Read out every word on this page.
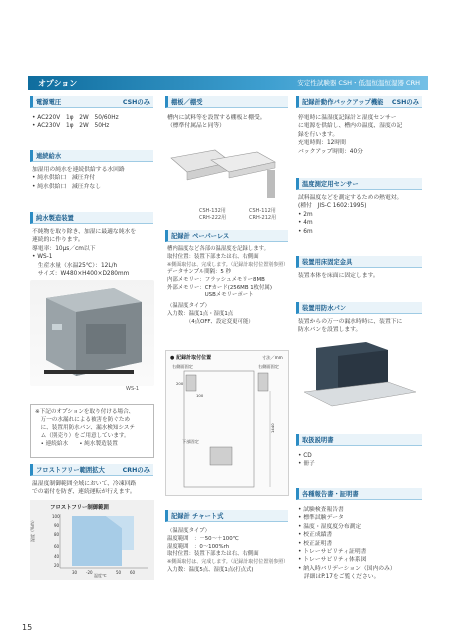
オプション	安定性試験器 CSH・低温恒温恒湿器 CRH
電源電圧	CSHのみ
• AC220V　1φ　2W　50/60Hz
• AC230V　1φ　2W　50Hz
連続給水
加湿用の純水を連続供給する水回路
• 純水供給口　減圧弁付
• 純水供給口　減圧弁なし
純水製造装置
不純物を取り除き、加湿に最適な純水を
連続的に作ります。
導電率：10μs／cm以下
• WS-1
　生産水量（水温25℃）：12L/h
　サイズ：W480×H400×D280mm
WS-1
※下記のオプションを取り付ける場合、
　万一の水漏れによる被害を防ぐため
　に、装置用防水パン、漏水検知システ
　ム（別売り）をご用意しています。
　• 連続給水　　• 純水製造装置
フロストフリー範囲拡大	CRHのみ
温湿度制御範囲全域において、冷凍回路
での霜付を防ぎ、連続運転が行えます。
フロストフリー制御範囲
湿度（%rh）
温度℃
100
90
80
60
40
20
30 -20	50 60
棚板／棚受
槽内に試料等を設置する棚板と棚受。
（標準付属品と同等）
CSH-132用
CRH-222用
CSH-112用
CRH-212用
記録計 ペーパーレス
槽内温度など各部の温湿度を記録します。
取付位置：装置下部または右、右側面
※側面取付は、完成します。（記録計取付位置別参照）
データサンプル間隔：5 秒
内部メモリー：フラッシュメモリー8MB
外部メモリー：CFカード(256MB 1枚付属)
　　　　　　　USBメモリーポート
（温湿度タイプ）
入力数：温度1点・湿度1点
　　　　（4点OFF、設定変更可能）
● 記録計取付位置	寸法／mm
右側面固定	右側面固定
下部固定
200
100
1440
記録計 チャート式
（温湿度タイプ）
温度範囲　：－50～＋100℃
湿度範囲　：0～100%rh
取付位置：装置下部または右、右側面
※側面取付は、完成します。（記録計取付位置別参照）
入力数：温度5点、湿度1点(打点式)
記録計動作バックアップ機能 CSHのみ
停電時に温湿度記録計と湿度センサー
に電源を供給し、槽内の温度、湿度の記
録を行います。
充電時間：12時間
バックアップ時間：40分
温度測定用センサー
試料温度などを測定するための熱電対。
(種付　JIS-C 1602:1995)
• 2m
• 4m
• 6m
装置用床固定金具
装置本体を床面に固定します。
装置用防水パン
装置からの万一の漏水時時に、装置下に
防水パンを設置します。
取扱説明書
• CD
• 冊子
各種報告書・証明書
• 試験検査報告書
• 標準試験データ
• 温度・湿度度分布測定
• 校正成績書
• 校正証明書
• トレーサビリティ証明書
• トレーサビリティ体系図
• 納入時バリデーション（国内のみ）
　詳細はP.17をご覧ください。
15
